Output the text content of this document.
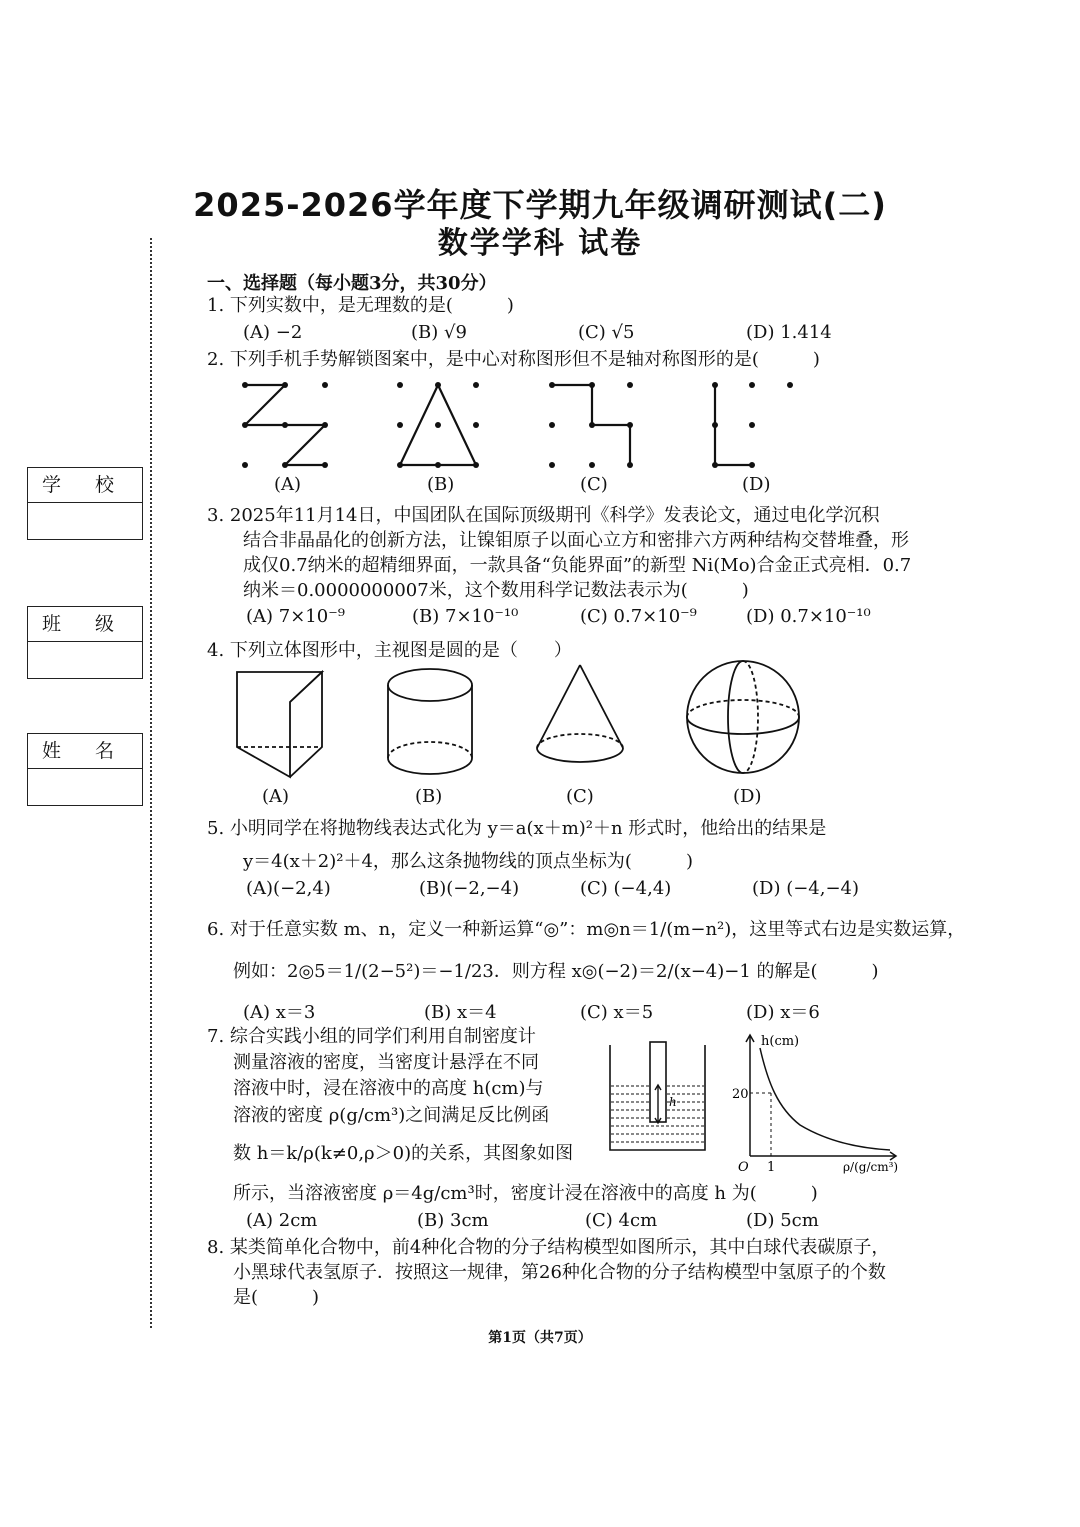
2025-2026学年度下学期九年级调研测试(二)
数学学科 试卷
学 校
班 级
姓 名
一、选择题（每小题3分，共30分）
1. 下列实数中，是无理数的是(　　　)
(A) −2	(B) √9	(C) √5	(D) 1.414
2. 下列手机手势解锁图案中，是中心对称图形但不是轴对称图形的是(　　　)
(A)	(B)	(C)	(D)
3. 2025年11月14日，中国团队在国际顶级期刊《科学》发表论文，通过电化学沉积
结合非晶晶化的创新方法，让镍钼原子以面心立方和密排六方两种结构交替堆叠，形
成仅0.7纳米的超精细界面，一款具备“负能界面”的新型 Ni(Mo)合金正式亮相．0.7
纳米＝0.0000000007米，这个数用科学记数法表示为(　　　)
(A) 7×10⁻⁹	(B) 7×10⁻¹⁰	(C) 0.7×10⁻⁹	(D) 0.7×10⁻¹⁰
4. 下列立体图形中，主视图是圆的是（　　）
(A)	(B)	(C)	(D)
5. 小明同学在将抛物线表达式化为 y＝a(x＋m)²＋n 形式时，他给出的结果是
y＝4(x＋2)²＋4，那么这条抛物线的顶点坐标为(　　　)
(A)(−2,4)	(B)(−2,−4)	(C) (−4,4)	(D) (−4,−4)
6. 对于任意实数 m、n，定义一种新运算“◎”：m◎n＝1/(m−n²)，这里等式右边是实数运算，
例如：2◎5＝1/(2−5²)＝−1/23．则方程 x◎(−2)＝2/(x−4)−1 的解是(　　　)
(A) x＝3	(B) x＝4	(C) x＝5	(D) x＝6
7. 综合实践小组的同学们利用自制密度计
测量溶液的密度，当密度计悬浮在不同
溶液中时，浸在溶液中的高度 h(cm)与
溶液的密度 ρ(g/cm³)之间满足反比例函
数 h＝k/ρ(k≠0,ρ＞0)的关系，其图象如图
所示，当溶液密度 ρ＝4g/cm³时，密度计浸在溶液中的高度 h 为(　　　)
h
h(cm)
20
O 1	ρ/(g/cm³)
(A) 2cm	(B) 3cm	(C) 4cm	(D) 5cm
8. 某类简单化合物中，前4种化合物的分子结构模型如图所示，其中白球代表碳原子，
小黑球代表氢原子．按照这一规律，第26种化合物的分子结构模型中氢原子的个数
是(　　　)
第1页（共7页）
